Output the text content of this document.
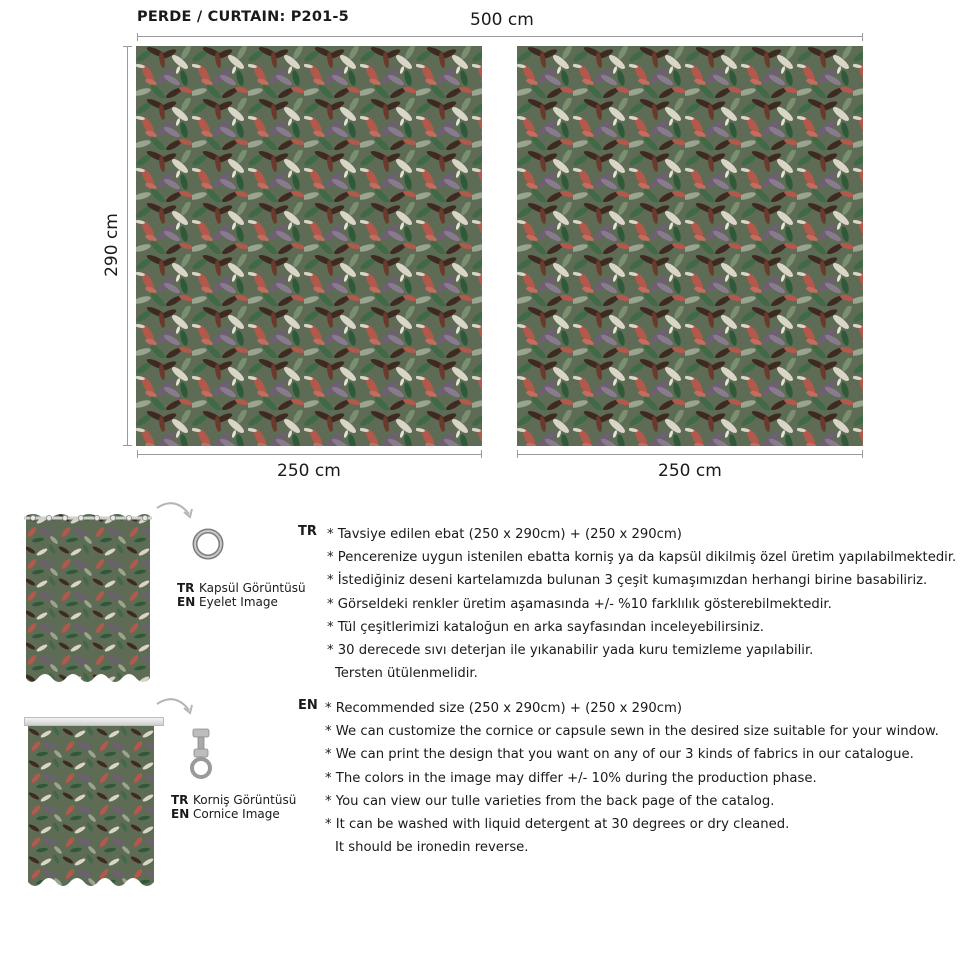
PERDE / CURTAIN: P201-5	500 cm
290 cm
250 cm	250 cm
TR Kapsül Görüntüsü
EN Eyelet Image
TR Korniş Görüntüsü
EN Cornice Image
TR * Tavsiye edilen ebat (250 x 290cm) + (250 x 290cm)
* Pencerenize uygun istenilen ebatta korniş ya da kapsül dikilmiş özel üretim yapılabilmektedir.
* İstediğiniz deseni kartelamızda bulunan 3 çeşit kumaşımızdan herhangi birine basabiliriz.
* Görseldeki renkler üretim aşamasında +/- %10 farklılık gösterebilmektedir.
* Tül çeşitlerimizi kataloğun en arka sayfasından inceleyebilirsiniz.
* 30 derecede sıvı deterjan ile yıkanabilir yada kuru temizleme yapılabilir.
Tersten ütülenmelidir.
EN * Recommended size (250 x 290cm) + (250 x 290cm)
* We can customize the cornice or capsule sewn in the desired size suitable for your window.
* We can print the design that you want on any of our 3 kinds of fabrics in our catalogue.
* The colors in the image may differ +/- 10% during the production phase.
* You can view our tulle varieties from the back page of the catalog.
* It can be washed with liquid detergent at 30 degrees or dry cleaned.
It should be ironedin reverse.
